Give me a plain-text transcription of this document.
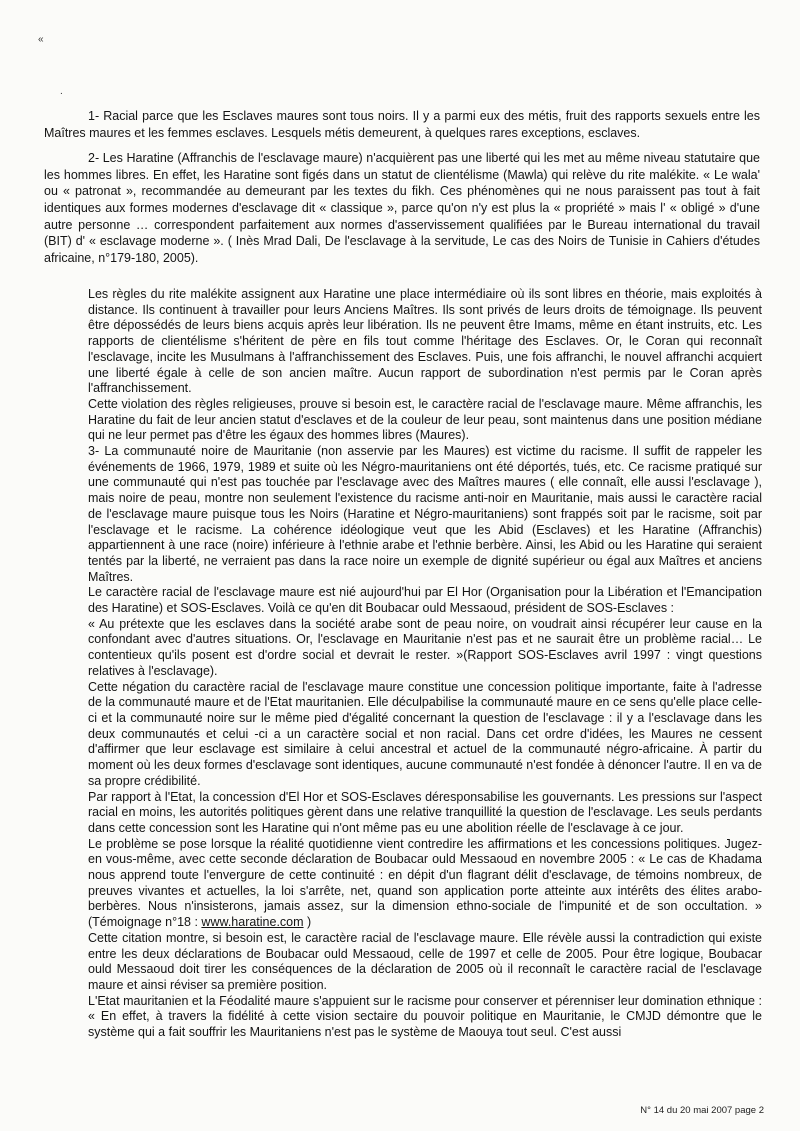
«
.

1- Racial parce que les Esclaves maures sont tous noirs. Il y a parmi eux des métis, fruit des rapports sexuels entre les Maîtres maures et les femmes esclaves. Lesquels métis demeurent, à quelques rares exceptions, esclaves.

2- Les Haratine (Affranchis de l'esclavage maure) n'acquièrent pas une liberté qui les met au même niveau statutaire que les hommes libres. En effet, les Haratine sont figés dans un statut de clientélisme (Mawla) qui relève du rite malékite. « Le wala' ou « patronat », recommandée au demeurant par les textes du fikh. Ces phénomènes qui ne nous paraissent pas tout à fait identiques aux formes modernes d'esclavage dit « classique », parce qu'on n'y est plus la « propriété » mais l' « obligé » d'une autre personne … correspondent parfaitement aux normes d'asservissement qualifiées par le Bureau international du travail (BIT) d' « esclavage moderne ». ( Inès Mrad Dali, De l'esclavage à la servitude, Le cas des Noirs de Tunisie in Cahiers d'études africaine, n°179-180, 2005).

Les règles du rite malékite assignent aux Haratine une place intermédiaire où ils sont libres en théorie, mais exploités à distance. Ils continuent à travailler pour leurs Anciens Maîtres. Ils sont privés de leurs droits de témoignage. Ils peuvent être dépossédés de leurs biens acquis après leur libération. Ils ne peuvent être Imams, même en étant instruits, etc. Les rapports de clientélisme s'héritent de père en fils tout comme l'héritage des Esclaves. Or, le Coran qui reconnaît l'esclavage, incite les Musulmans à l'affranchissement des Esclaves. Puis, une fois affranchi, le nouvel affranchi acquiert une liberté égale à celle de son ancien maître. Aucun rapport de subordination n'est permis par le Coran après l'affranchissement.

Cette violation des règles religieuses, prouve si besoin est, le caractère racial de l'esclavage maure. Même affranchis, les Haratine du fait de leur ancien statut d'esclaves et de la couleur de leur peau, sont maintenus dans une position médiane qui ne leur permet pas d'être les égaux des hommes libres (Maures).

3- La communauté noire de Mauritanie (non asservie par les Maures) est victime du racisme. Il suffit de rappeler les événements de 1966, 1979, 1989 et suite où les Négro-mauritaniens ont été déportés, tués, etc. Ce racisme pratiqué sur une communauté qui n'est pas touchée par l'esclavage avec des Maîtres maures ( elle connaît, elle aussi l'esclavage ), mais noire de peau, montre non seulement l'existence du racisme anti-noir en Mauritanie, mais aussi le caractère racial de l'esclavage maure puisque tous les Noirs (Haratine et Négro-mauritaniens) sont frappés soit par le racisme, soit par l'esclavage et le racisme. La cohérence idéologique veut que les Abid (Esclaves) et les Haratine (Affranchis) appartiennent à une race (noire) inférieure à l'ethnie arabe et l'ethnie berbère. Ainsi, les Abid ou les Haratine qui seraient tentés par la liberté, ne verraient pas dans la race noire un exemple de dignité supérieur ou égal aux Maîtres et anciens Maîtres.

Le caractère racial de l'esclavage maure est nié aujourd'hui par El Hor (Organisation pour la Libération et l'Emancipation des Haratine) et SOS-Esclaves. Voilà ce qu'en dit Boubacar ould Messaoud, président de SOS-Esclaves :

« Au prétexte que les esclaves dans la société arabe sont de peau noire, on voudrait ainsi récupérer leur cause en la confondant avec d'autres situations. Or, l'esclavage en Mauritanie n'est pas et ne saurait être un problème racial… Le contentieux qu'ils posent est d'ordre social et devrait le rester. »(Rapport SOS-Esclaves avril 1997 : vingt questions relatives à l'esclavage).

Cette négation du caractère racial de l'esclavage maure constitue une concession politique importante, faite à l'adresse de la communauté maure et de l'Etat mauritanien. Elle déculpabilise la communauté maure en ce sens qu'elle place celle-ci et la communauté noire sur le même pied d'égalité concernant la question de l'esclavage : il y a l'esclavage dans les deux communautés et celui -ci a un caractère social et non racial. Dans cet ordre d'idées, les Maures ne cessent d'affirmer que leur esclavage est similaire à celui ancestral et actuel de la communauté négro-africaine. À partir du moment où les deux formes d'esclavage sont identiques, aucune communauté n'est fondée à dénoncer l'autre. Il en va de sa propre crédibilité.

Par rapport à l'Etat, la concession d'El Hor et SOS-Esclaves déresponsabilise les gouvernants. Les pressions sur l'aspect racial en moins, les autorités politiques gèrent dans une relative tranquillité la question de l'esclavage. Les seuls perdants dans cette concession sont les Haratine qui n'ont même pas eu une abolition réelle de l'esclavage à ce jour.

Le problème se pose lorsque la réalité quotidienne vient contredire les affirmations et les concessions politiques. Jugez-en vous-même, avec cette seconde déclaration de Boubacar ould Messaoud en novembre 2005 : « Le cas de Khadama nous apprend toute l'envergure de cette continuité : en dépit d'un flagrant délit d'esclavage, de témoins nombreux, de preuves vivantes et actuelles, la loi s'arrête, net, quand son application porte atteinte aux intérêts des élites arabo-berbères. Nous n'insisterons, jamais assez, sur la dimension ethno-sociale de l'impunité et de son occultation. » (Témoignage n°18 : www.haratine.com )

Cette citation montre, si besoin est, le caractère racial de l'esclavage maure. Elle révèle aussi la contradiction qui existe entre les deux déclarations de Boubacar ould Messaoud, celle de 1997 et celle de 2005. Pour être logique, Boubacar ould Messaoud doit tirer les conséquences de la déclaration de 2005 où il reconnaît le caractère racial de l'esclavage maure et ainsi réviser sa première position.

L'Etat mauritanien et la Féodalité maure s'appuient sur le racisme pour conserver et pérenniser leur domination ethnique : « En effet, à travers la fidélité à cette vision sectaire du pouvoir politique en Mauritanie, le CMJD démontre que le système qui a fait souffrir les Mauritaniens n'est pas le système de Maouya tout seul. C'est aussi

N° 14 du 20 mai 2007 page 2
